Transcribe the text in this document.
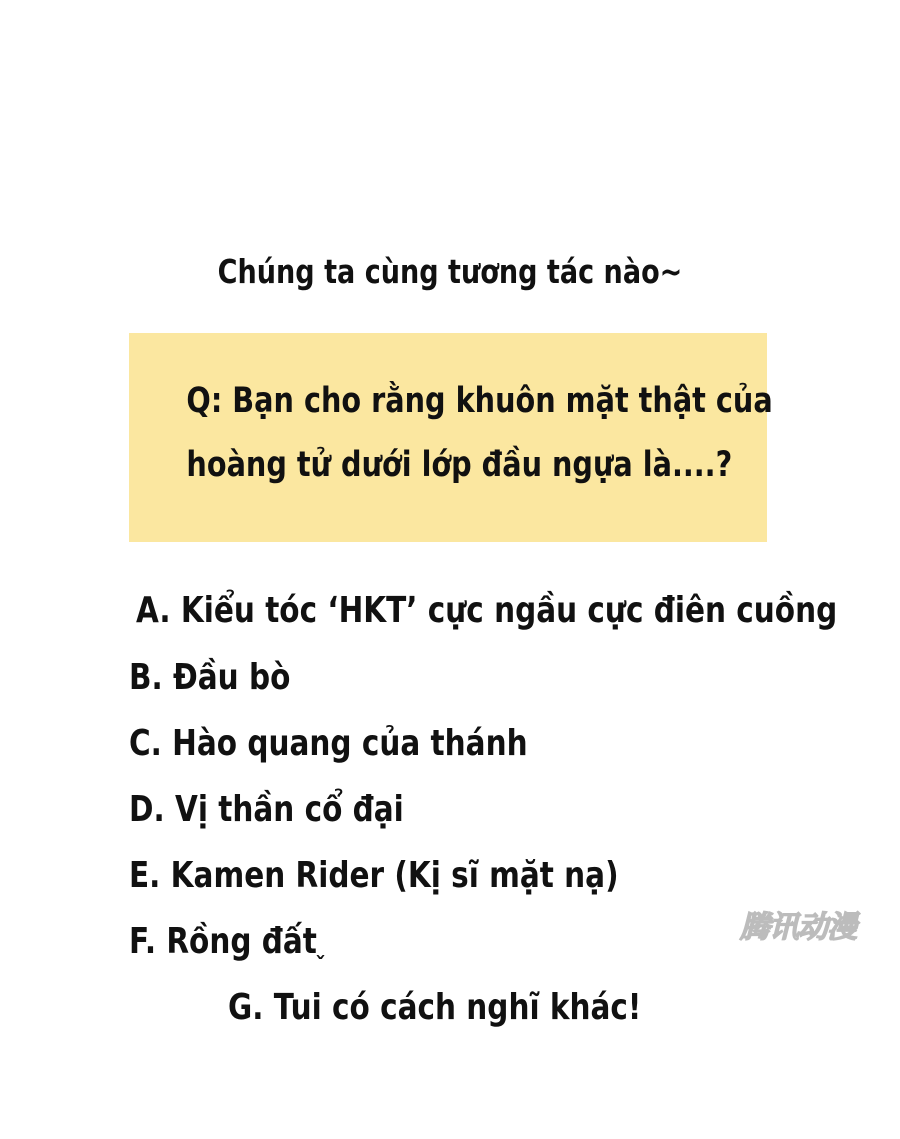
Chúng ta cùng tương tác nào~
Q: Bạn cho rằng khuôn mặt thật của
hoàng tử dưới lớp đầu ngựa là....?
A. Kiểu tóc ‘HKT’ cực ngầu cực điên cuồng
B. Đầu bò
C. Hào quang của thánh
D. Vị thần cổ đại
E. Kamen Rider (Kị sĩ mặt nạ)
F. Rồng đất
ˇ
G. Tui có cách nghĩ khác!
腾讯动漫
